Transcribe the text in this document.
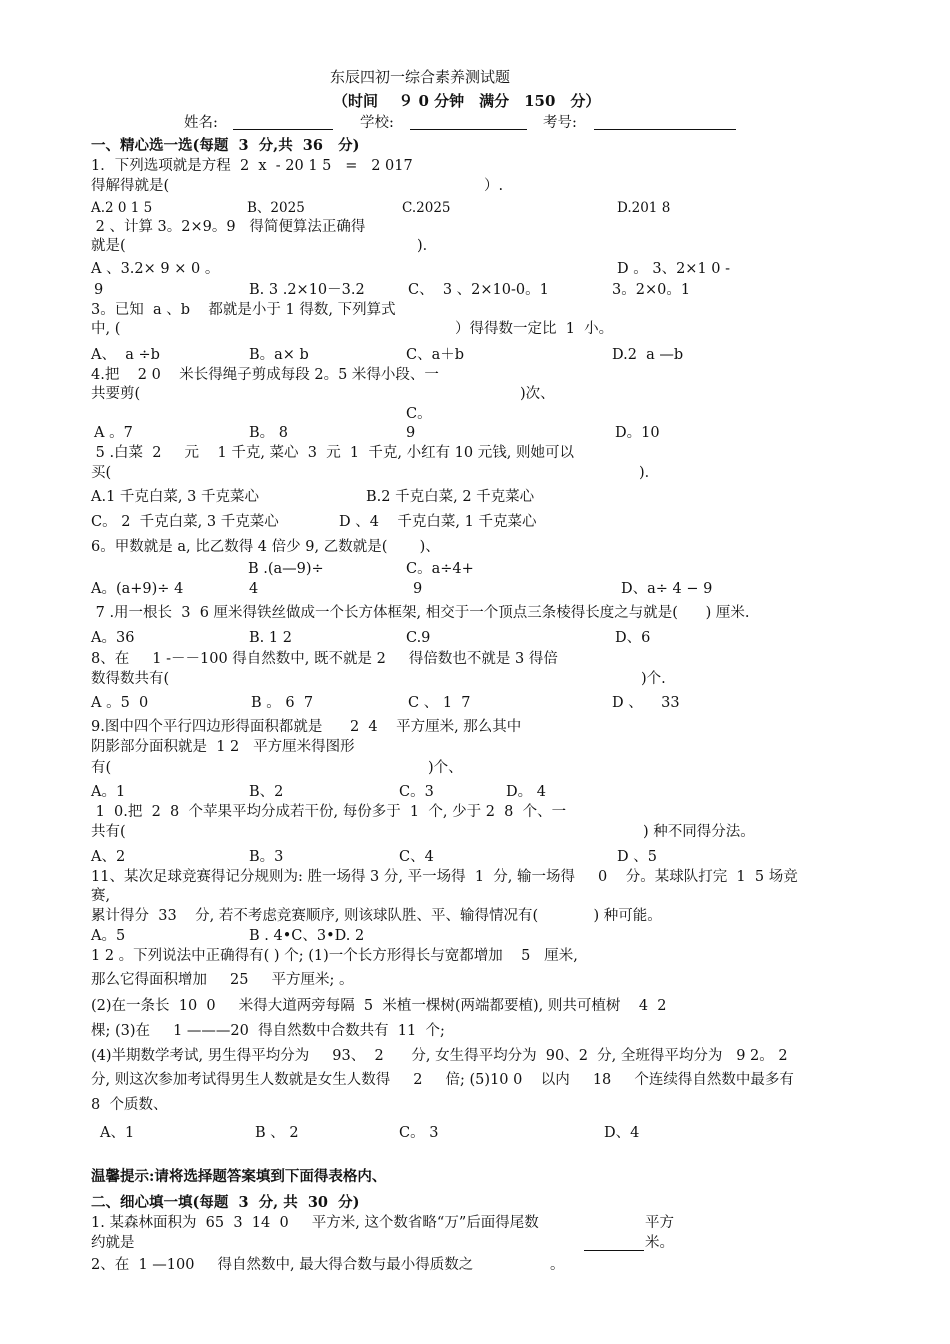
东辰四初一综合素养测试题
（时间　 ９ 0 分钟　满分　150　分）
姓名:	学校:	考号:
一、精心选一选(每题  3  分,共  36   分)
1．下列选项就是方程  2  x  - 20 1 5   =   2 017
得解得就是(	）.
A.2 0 1 5	B、2025	C.2025	D.201 8
2 、计算 3。2×9。9   得简便算法正确得
就是(	)．
A 、3.2× 9 × 0 。	D 。 3、2×1 0 -
9	B. 3 .2×10－3.2	C、  3 、2×10-0。1	3。2×0。1
3。已知  a 、b    都就是小于 1 得数, 下列算式
中, (	）得得数一定比  1  小。
A、  a ÷b	B。a× b	C、a＋b	D.2  a —b
4.把    2 0    米长得绳子剪成每段 2。5 米得小段、一
共要剪(	)次、
C。
A 。7	B。 8	9	D。10
5 .白菜  2     元    1 千克, 菜心  3  元  1  千克, 小红有 10 元钱, 则她可以
买(	)．
A.1 千克白菜, 3 千克菜心	B.2 千克白菜, 2 千克菜心
C。 2  千克白菜, 3 千克菜心	D 、4    千克白菜, 1 千克菜心
6。甲数就是 a, 比乙数得 4 倍少 9, 乙数就是(       )、
B .(a—9)÷	C。a÷4+
A。(a+9)÷ 4	4	9	D、a÷ 4 − 9
7 .用一根长  3  6 厘米得铁丝做成一个长方体框架, 相交于一个顶点三条棱得长度之与就是(      ) 厘米.
A。36	B. 1 2	C.9	D、6
8、在     1 -－－100 得自然数中, 既不就是 2     得倍数也不就是 3 得倍
数得数共有(	)个.
A 。5  0	B 。 6  7	C 、 1  7	D 、    33
9.图中四个平行四边形得面积都就是      2  4    平方厘米, 那么其中
阴影部分面积就是  1 2   平方厘米得图形
有(	)个、
A。1	B、2	C。3	D。 4
1  0.把  2  8  个苹果平均分成若干份, 每份多于  1  个, 少于 2  8  个、一
共有(	) 种不同得分法。
A、2	B。3	C、4	D 、5
11、某次足球竞赛得记分规则为: 胜一场得 3 分, 平一场得  1  分, 输一场得     0    分。某球队打完  1  5 场竞
赛,
累计得分  33    分, 若不考虑竞赛顺序, 则该球队胜、平、输得情况有(            ) 种可能。
A。5	B . 4•C、3•D. 2
1 2 。下列说法中正确得有( ) 个; (1)一个长方形得长与宽都增加    5   厘米,
那么它得面积增加     25     平方厘米; 。
(2)在一条长  10  0     米得大道两旁每隔  5  米植一棵树(两端都要植), 则共可植树    4  2
棵; (3)在     1 ———20  得自然数中合数共有  11  个;
(4)半期数学考试, 男生得平均分为     93、  2      分, 女生得平均分为  90、2  分, 全班得平均分为   9 2。 2
分, 则这次参加考试得男生人数就是女生人数得     2     倍; (5)10 0    以内     18     个连续得自然数中最多有
8  个质数、
A、1	B 、 2	C。 3	D、4
温馨提示:请将选择题答案填到下面得表格内、
二、细心填一填(每题  3  分, 共  30  分)
1. 某森林面积为  65  3  14  0     平方米, 这个数省略“万”后面得尾数
约就是
平方
米。
2、在  1 —100     得自然数中, 最大得合数与最小得质数之	。
